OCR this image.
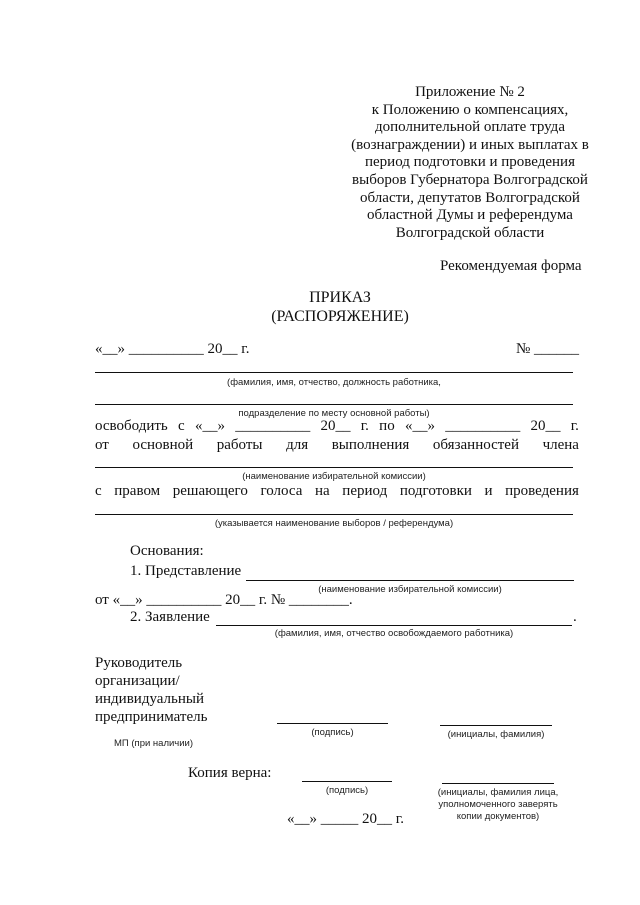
Приложение № 2
к Положению о компенсациях,
дополнительной оплате труда
(вознаграждении) и иных выплатах в
период подготовки и проведения
выборов Губернатора Волгоградской
области, депутатов Волгоградской
областной Думы и референдума
Волгоградской области
Рекомендуемая форма
ПРИКАЗ
(РАСПОРЯЖЕНИЕ)
«__» __________ 20__ г.	№ ______
(фамилия, имя, отчество, должность работника,
подразделение по месту основной работы)
освободить с «__» __________ 20__ г. по «__» __________ 20__ г.
от основной работы для выполнения обязанностей члена
(наименование избирательной комиссии)
с правом решающего голоса на период подготовки и проведения
(указывается наименование выборов / референдума)
Основания:
1. Представление
(наименование избирательной комиссии)
от «__» __________ 20__ г. № ________.
2. Заявление	.
(фамилия, имя, отчество освобождаемого работника)
Руководитель
организации/
индивидуальный
предприниматель
(подпись)	(инициалы, фамилия)
МП (при наличии)
Копия верна:
(подпись)	(инициалы, фамилия лица,
уполномоченного заверять
копии документов)
«__» _____ 20__ г.
